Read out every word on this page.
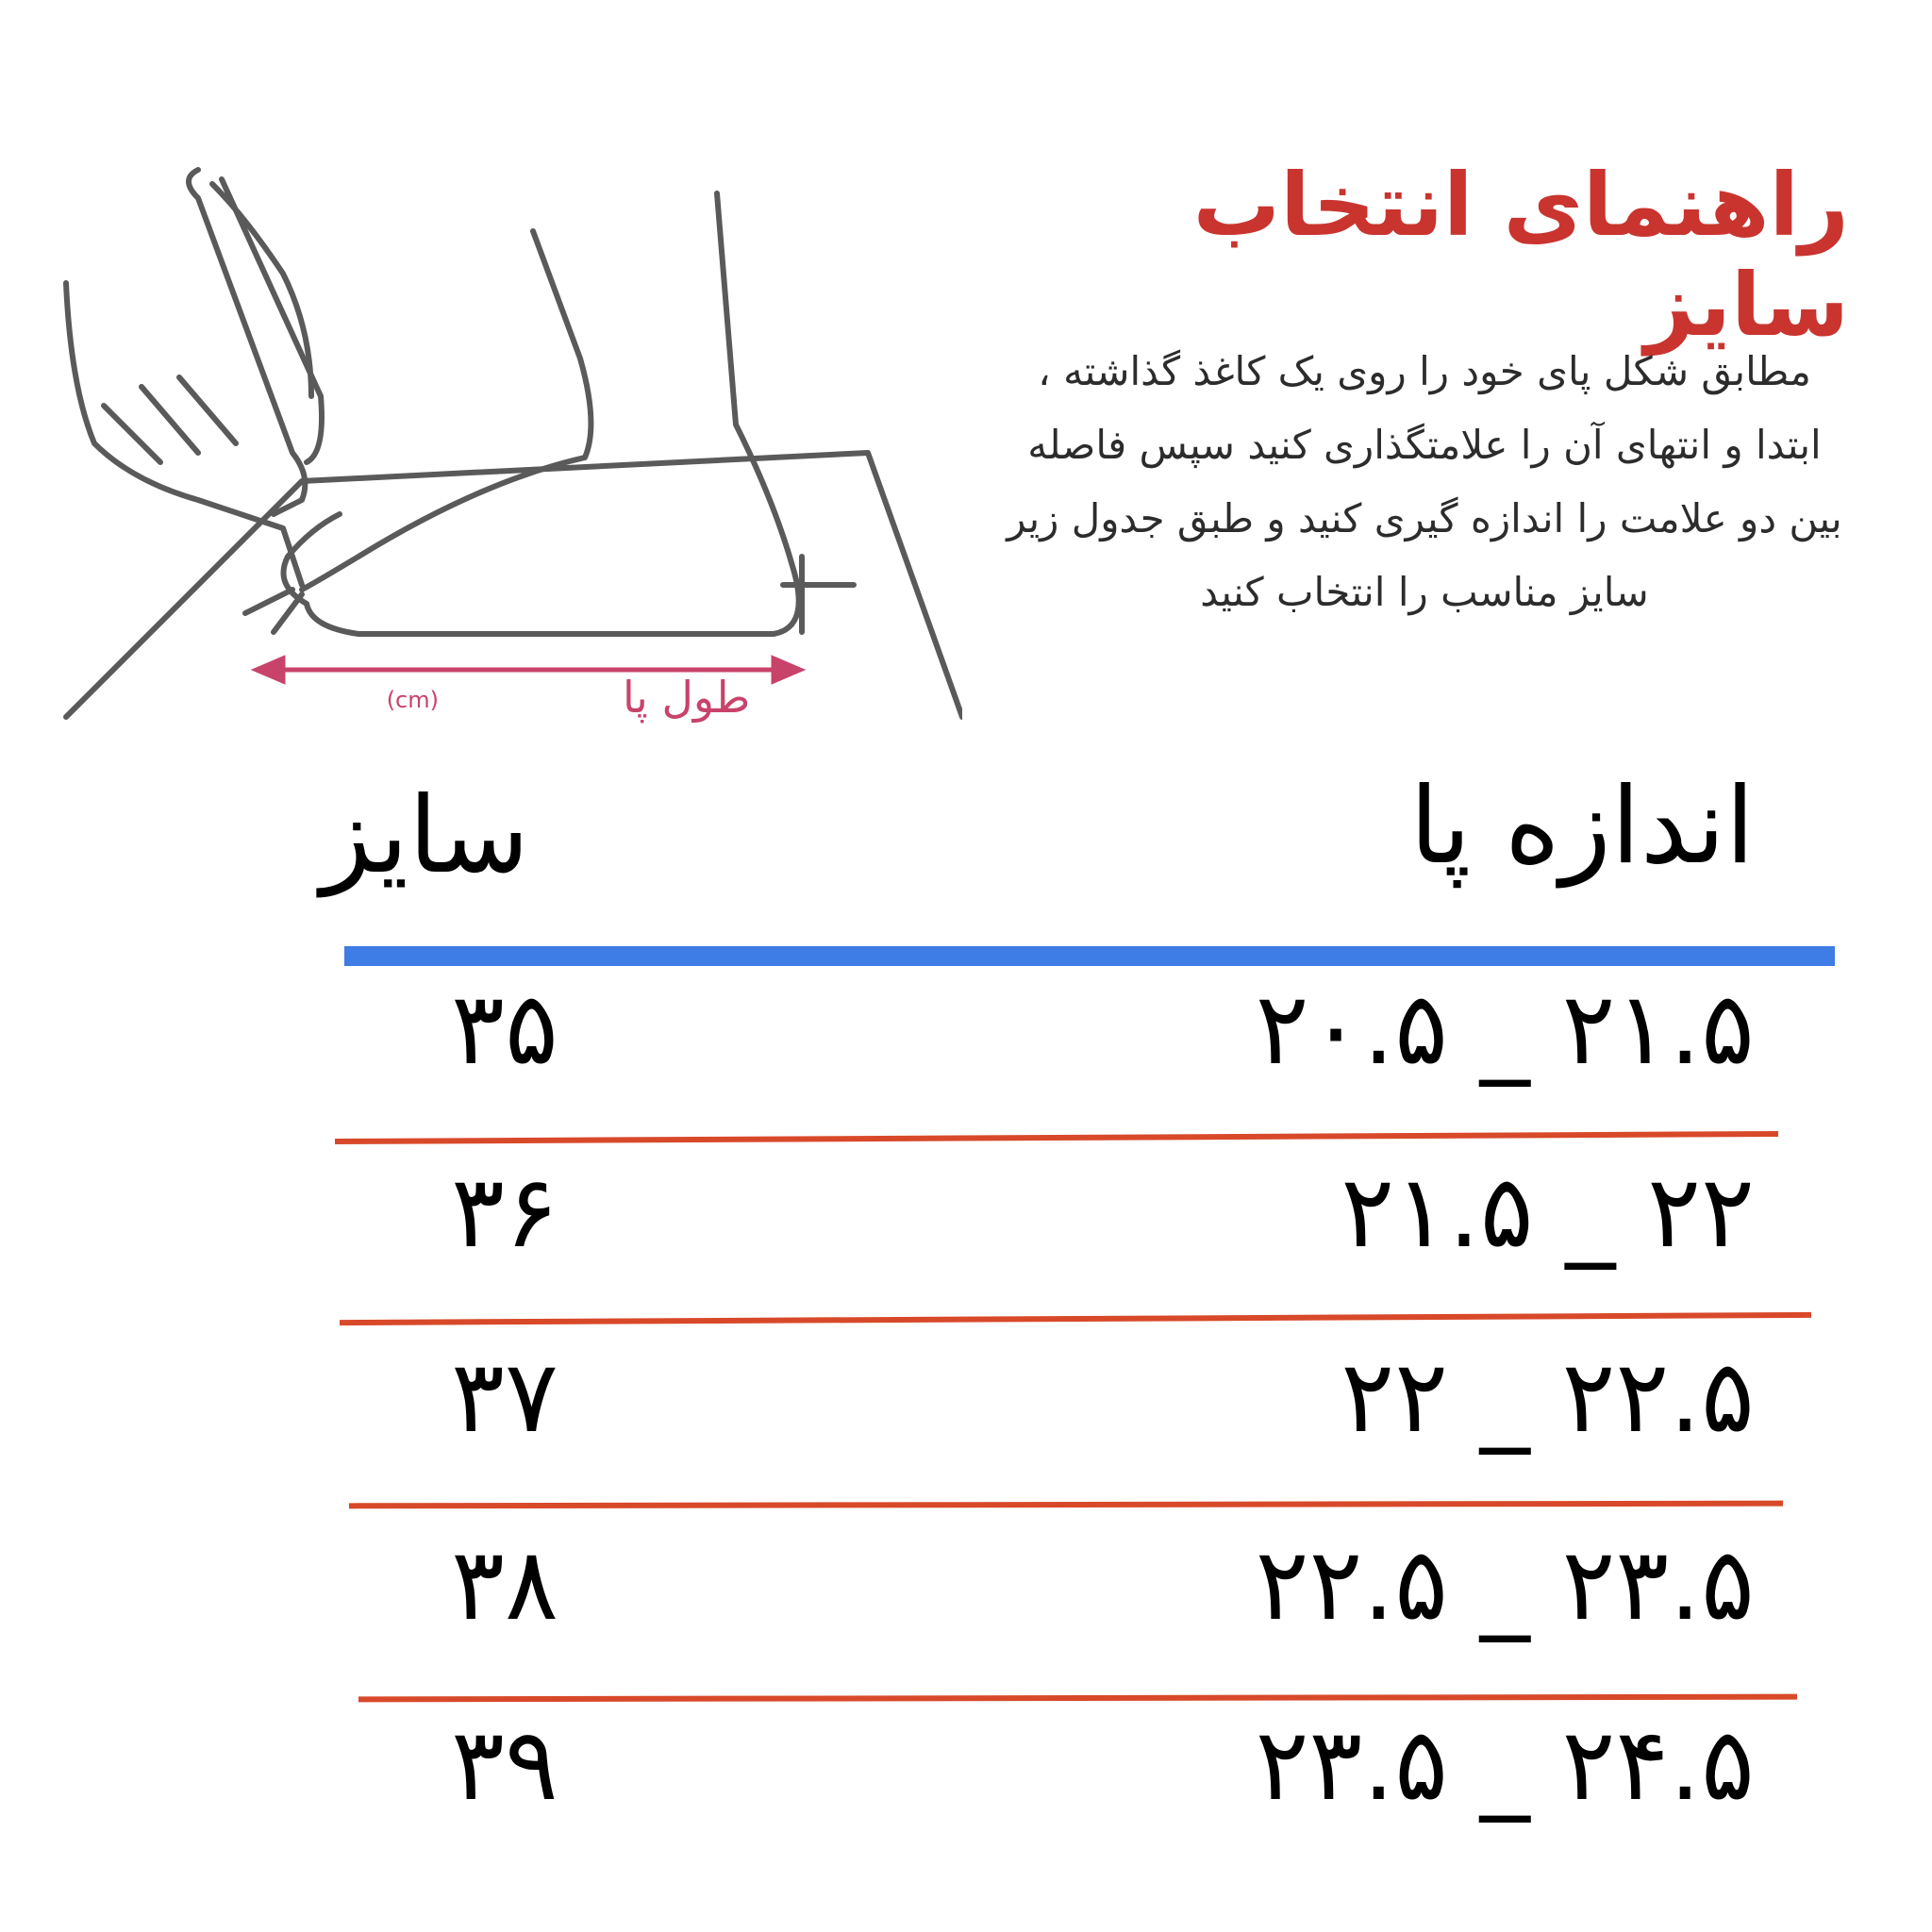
طول پا
(cm)
راهنمای انتخاب سایز
مطابق شکل پای خود را روی یک کاغذ گذاشته ،
ابتدا و انتهای آن را علامتگذاری کنید سپس فاصله
بین دو علامت را اندازه گیری کنید و طبق جدول زیر
سایز مناسب را انتخاب کنید
سایز	اندازه پا
۳۵	۲۱.۵ _ ۲۰.۵
۳۶	۲۲ _ ۲۱.۵
۳۷	۲۲.۵ _ ۲۲
۳۸	۲۳.۵ _ ۲۲.۵
۳۹	۲۴.۵ _ ۲۳.۵
